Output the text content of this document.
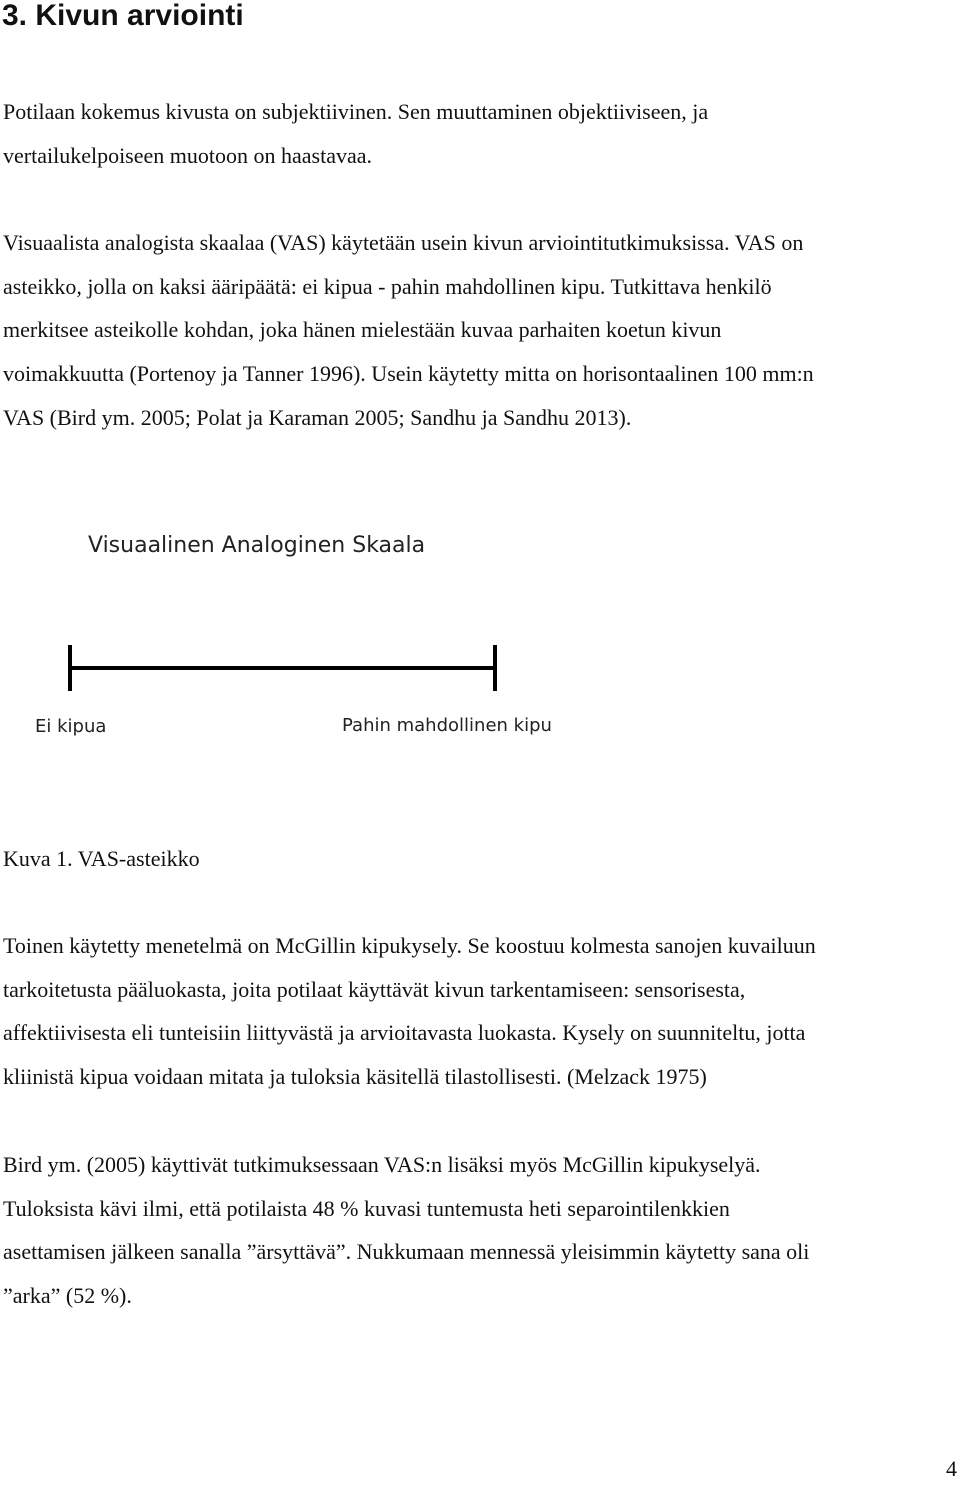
3. Kivun arviointi
Potilaan kokemus kivusta on subjektiivinen. Sen muuttaminen objektiiviseen, ja
vertailukelpoiseen muotoon on haastavaa.
Visuaalista analogista skaalaa (VAS) käytetään usein kivun arviointitutkimuksissa. VAS on
asteikko, jolla on kaksi ääripäätä: ei kipua - pahin mahdollinen kipu. Tutkittava henkilö
merkitsee asteikolle kohdan, joka hänen mielestään kuvaa parhaiten koetun kivun
voimakkuutta (Portenoy ja Tanner 1996). Usein käytetty mitta on horisontaalinen 100 mm:n
VAS (Bird ym. 2005; Polat ja Karaman 2005; Sandhu ja Sandhu 2013).
Visuaalinen Analoginen Skaala
Ei kipua	Pahin mahdollinen kipu
Kuva 1. VAS-asteikko
Toinen käytetty menetelmä on McGillin kipukysely. Se koostuu kolmesta sanojen kuvailuun
tarkoitetusta pääluokasta, joita potilaat käyttävät kivun tarkentamiseen: sensorisesta,
affektiivisesta eli tunteisiin liittyvästä ja arvioitavasta luokasta. Kysely on suunniteltu, jotta
kliinistä kipua voidaan mitata ja tuloksia käsitellä tilastollisesti. (Melzack 1975)
Bird ym. (2005) käyttivät tutkimuksessaan VAS:n lisäksi myös McGillin kipukyselyä.
Tuloksista kävi ilmi, että potilaista 48 % kuvasi tuntemusta heti separointilenkkien
asettamisen jälkeen sanalla ”ärsyttävä”. Nukkumaan mennessä yleisimmin käytetty sana oli
”arka” (52 %).
4
